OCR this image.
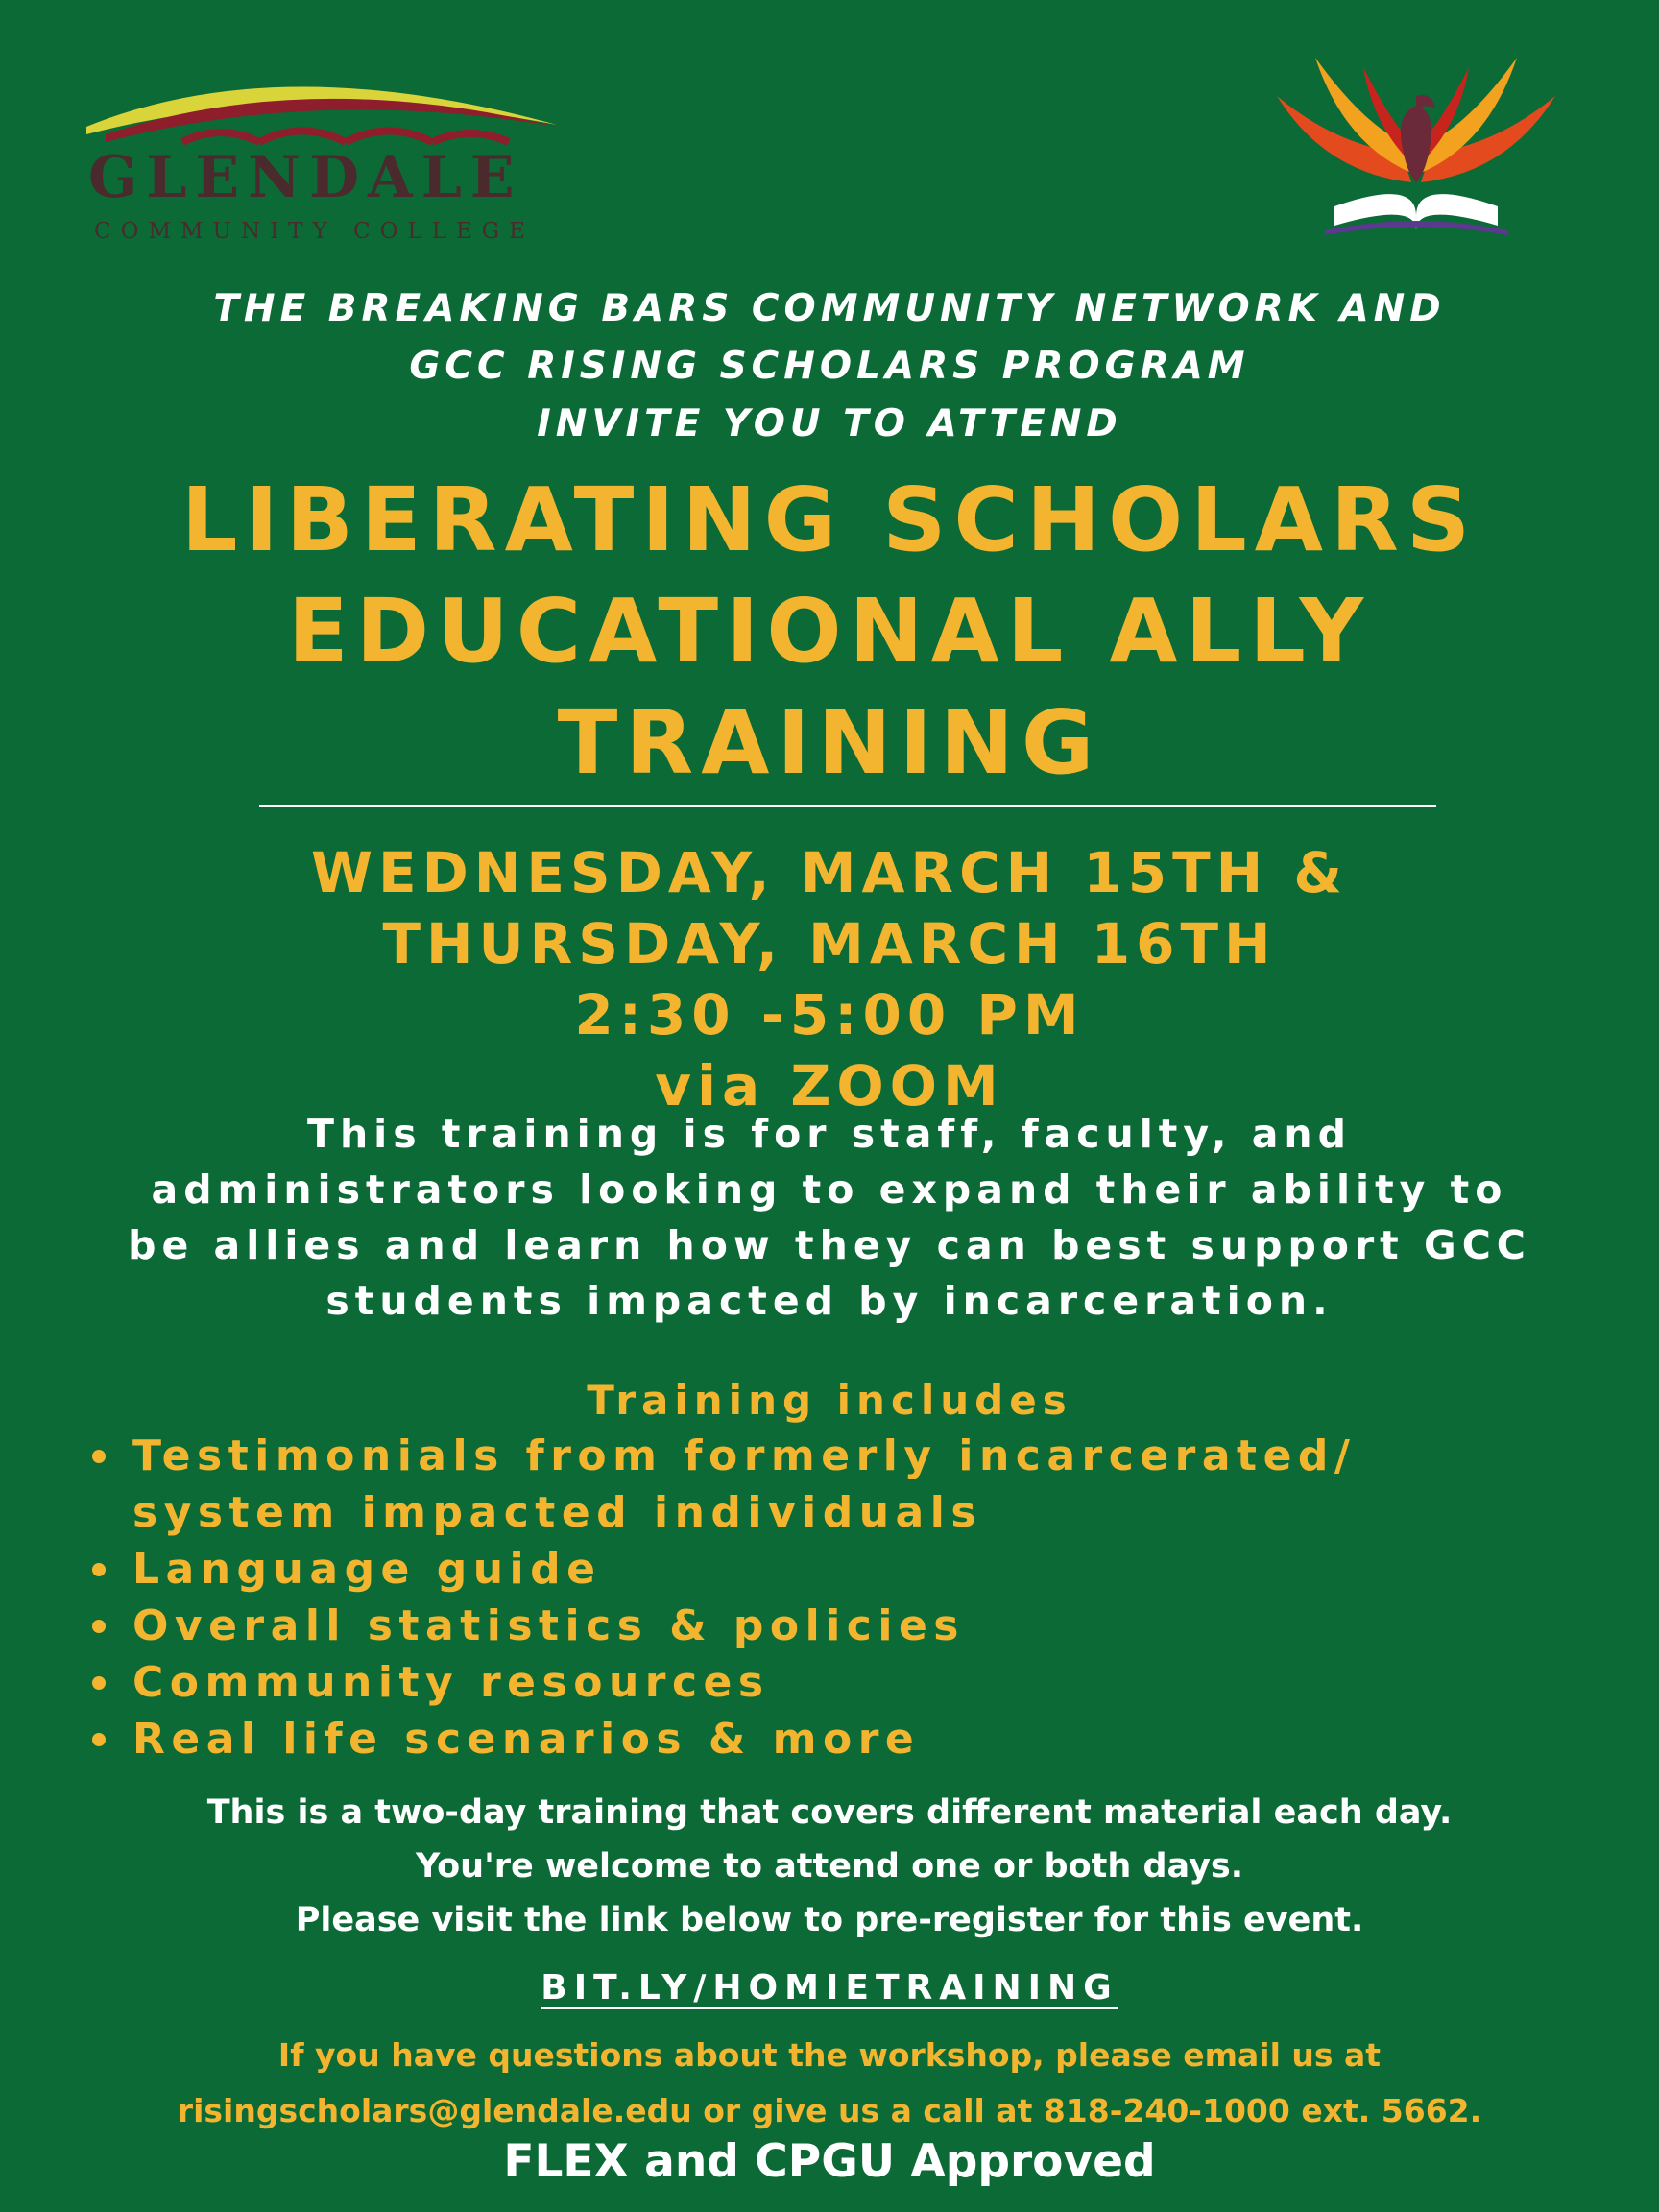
GLENDALE
COMMUNITY COLLEGE
THE BREAKING BARS COMMUNITY NETWORK AND
GCC RISING SCHOLARS PROGRAM
INVITE YOU TO ATTEND
LIBERATING SCHOLARS
EDUCATIONAL ALLY
TRAINING
WEDNESDAY, MARCH 15TH &
THURSDAY, MARCH 16TH
2:30 -5:00 PM
via ZOOM
This training is for staff, faculty, and
administrators looking to expand their ability to
be allies and learn how they can best support GCC
students impacted by incarceration.
Training includes
Testimonials from formerly incarcerated/
system impacted individuals
Language guide
Overall statistics & policies
Community resources
Real life scenarios & more
This is a two-day training that covers different material each day.
You're welcome to attend one or both days.
Please visit the link below to pre-register for this event.
BIT.LY/HOMIETRAINING
If you have questions about the workshop, please email us at
risingscholars@glendale.edu or give us a call at 818-240-1000 ext. 5662.
FLEX and CPGU Approved
